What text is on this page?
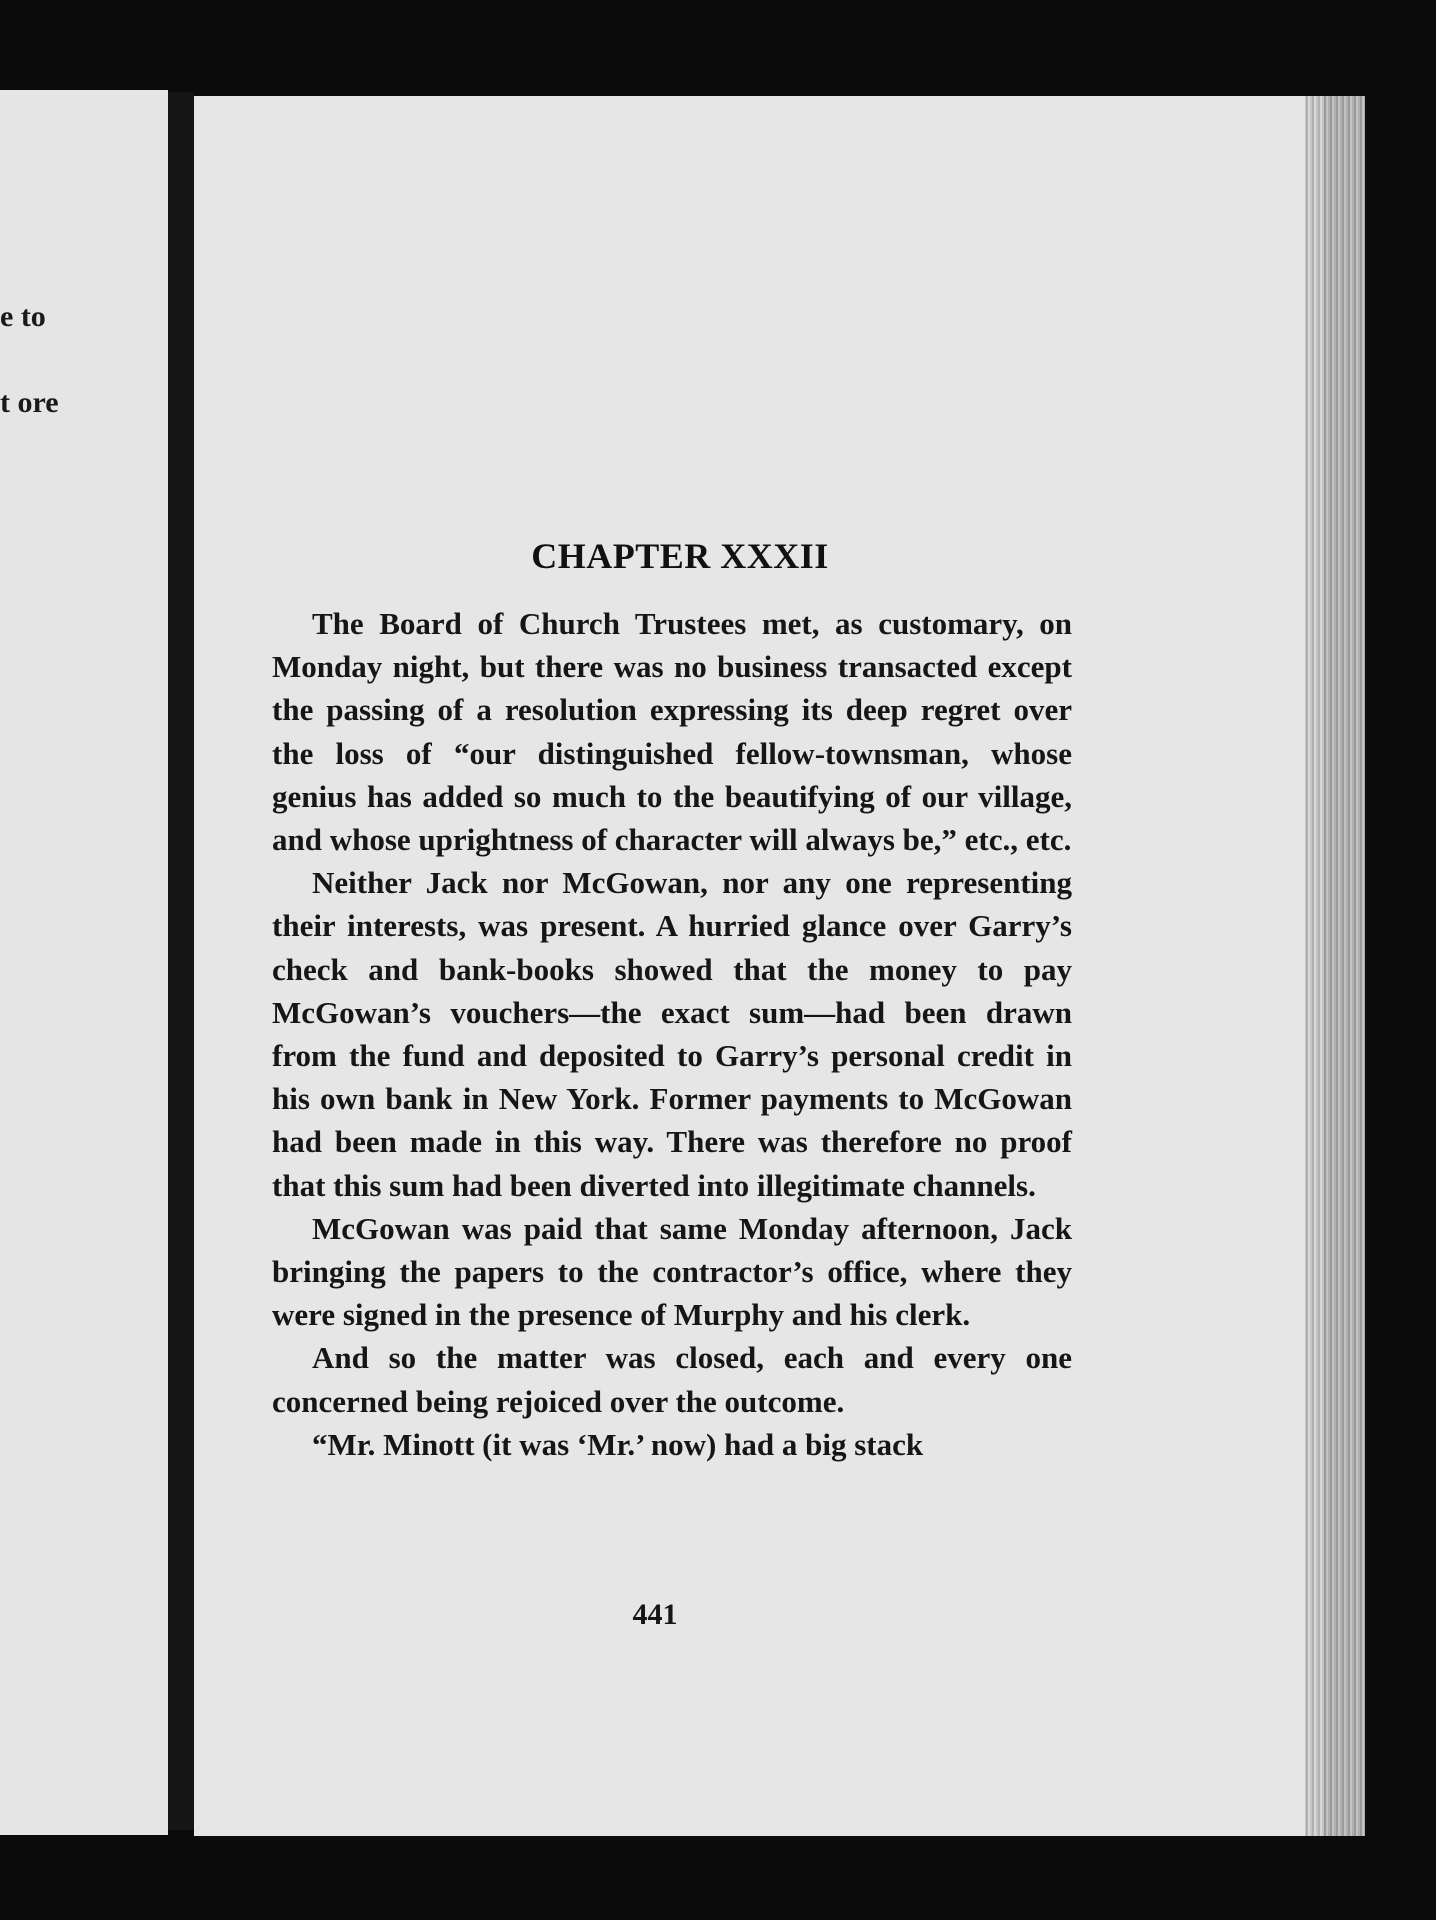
e to
t ore
CHAPTER XXXII

The Board of Church Trustees met, as customary, on Monday night, but there was no business transacted except the passing of a resolution expressing its deep regret over the loss of “our distinguished fellow-townsman, whose genius has added so much to the beautifying of our village, and whose uprightness of character will always be,” etc., etc.

Neither Jack nor McGowan, nor any one representing their interests, was present. A hurried glance over Garry’s check and bank-books showed that the money to pay McGowan’s vouchers—the exact sum—had been drawn from the fund and deposited to Garry’s personal credit in his own bank in New York. Former payments to McGowan had been made in this way. There was therefore no proof that this sum had been diverted into illegitimate channels.

McGowan was paid that same Monday afternoon, Jack bringing the papers to the contractor’s office, where they were signed in the presence of Murphy and his clerk.

And so the matter was closed, each and every one concerned being rejoiced over the outcome.

“Mr. Minott (it was ‘Mr.’ now) had a big stack

441
